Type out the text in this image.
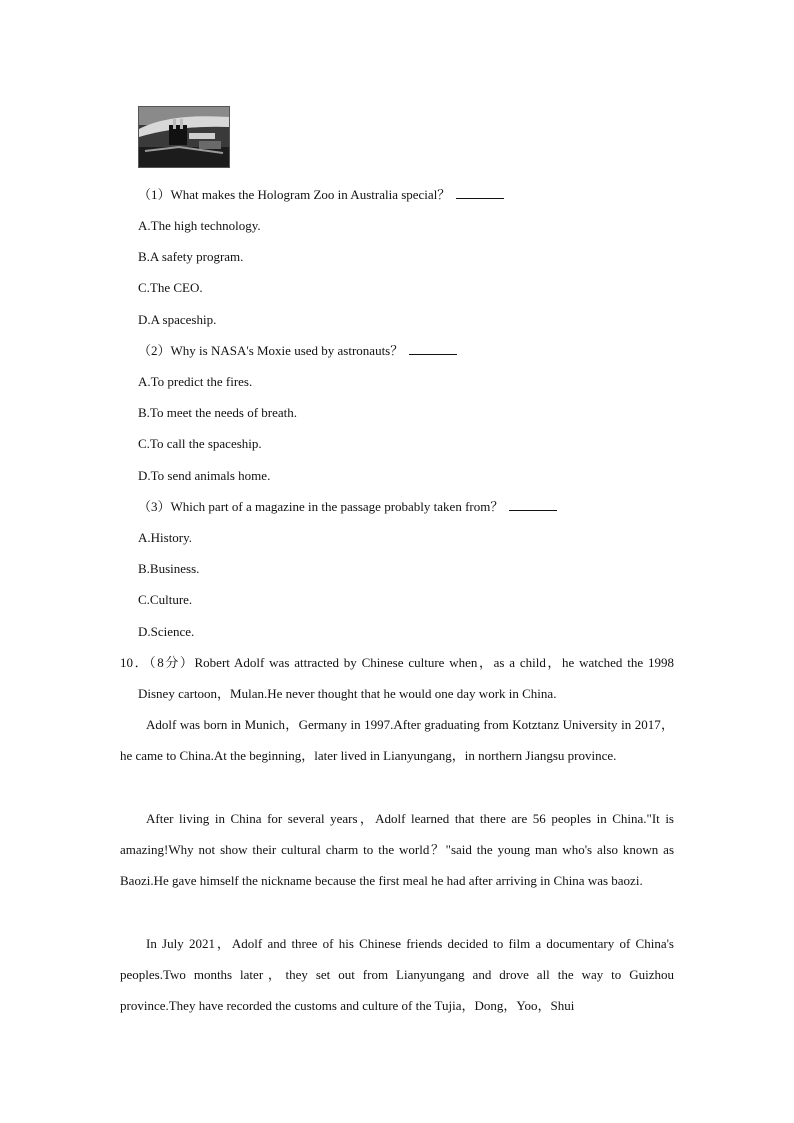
（1）What makes the Hologram Zoo in Australia special？
A.The high technology.
B.A safety program.
C.The CEO.
D.A spaceship.
（2）Why is NASA's Moxie used by astronauts？
A.To predict the fires.
B.To meet the needs of breath.
C.To call the spaceship.
D.To send animals home.
（3）Which part of a magazine in the passage probably taken from？
A.History.
B.Business.
C.Culture.
D.Science.
10．（8分）Robert Adolf was attracted by Chinese culture when，as a child，he watched the 1998 Disney cartoon，Mulan.He never thought that he would one day work in China.
Adolf was born in Munich，Germany in 1997.After graduating from Kotztanz University in 2017，he came to China.At the beginning，later lived in Lianyungang，in northern Jiangsu province.
After living in China for several years，Adolf learned that there are 56 peoples in China."It is amazing!Why not show their cultural charm to the world？"said the young man who's also known as Baozi.He gave himself the nickname because the first meal he had after arriving in China was baozi.
In July 2021，Adolf and three of his Chinese friends decided to film a documentary of China's peoples.Two months later，they set out from Lianyungang and drove all the way to Guizhou province.They have recorded the customs and culture of the Tujia，Dong，Yoo，Shui
